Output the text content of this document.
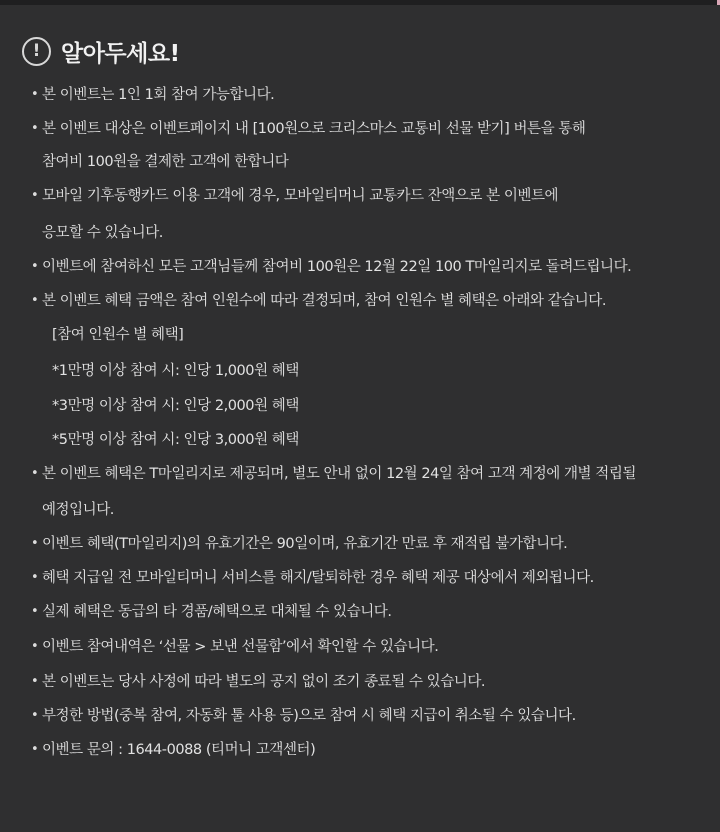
! 알아두세요!
• 본 이벤트는 1인 1회 참여 가능합니다.
• 본 이벤트 대상은 이벤트페이지 내 [100원으로 크리스마스 교통비 선물 받기] 버튼을 통해
참여비 100원을 결제한 고객에 한합니다
• 모바일 기후동행카드 이용 고객에 경우, 모바일티머니 교통카드 잔액으로 본 이벤트에
응모할 수 있습니다.
• 이벤트에 참여하신 모든 고객님들께 참여비 100원은 12월 22일 100 T마일리지로 돌려드립니다.
• 본 이벤트 혜택 금액은 참여 인원수에 따라 결정되며, 참여 인원수 별 혜택은 아래와 같습니다.
[참여 인원수 별 혜택]
*1만명 이상 참여 시: 인당 1,000원 혜택
*3만명 이상 참여 시: 인당 2,000원 혜택
*5만명 이상 참여 시: 인당 3,000원 혜택
• 본 이벤트 혜택은 T마일리지로 제공되며, 별도 안내 없이 12월 24일 참여 고객 계정에 개별 적립될
예정입니다.
• 이벤트 혜택(T마일리지)의 유효기간은 90일이며, 유효기간 만료 후 재적립 불가합니다.
• 혜택 지급일 전 모바일티머니 서비스를 해지/탈퇴하한 경우 혜택 제공 대상에서 제외됩니다.
• 실제 혜택은 동급의 타 경품/혜택으로 대체될 수 있습니다.
• 이벤트 참여내역은 ‘선물 > 보낸 선물함’에서 확인할 수 있습니다.
• 본 이벤트는 당사 사정에 따라 별도의 공지 없이 조기 종료될 수 있습니다.
• 부정한 방법(중복 참여, 자동화 툴 사용 등)으로 참여 시 혜택 지급이 취소될 수 있습니다.
• 이벤트 문의 : 1644-0088 (티머니 고객센터)
